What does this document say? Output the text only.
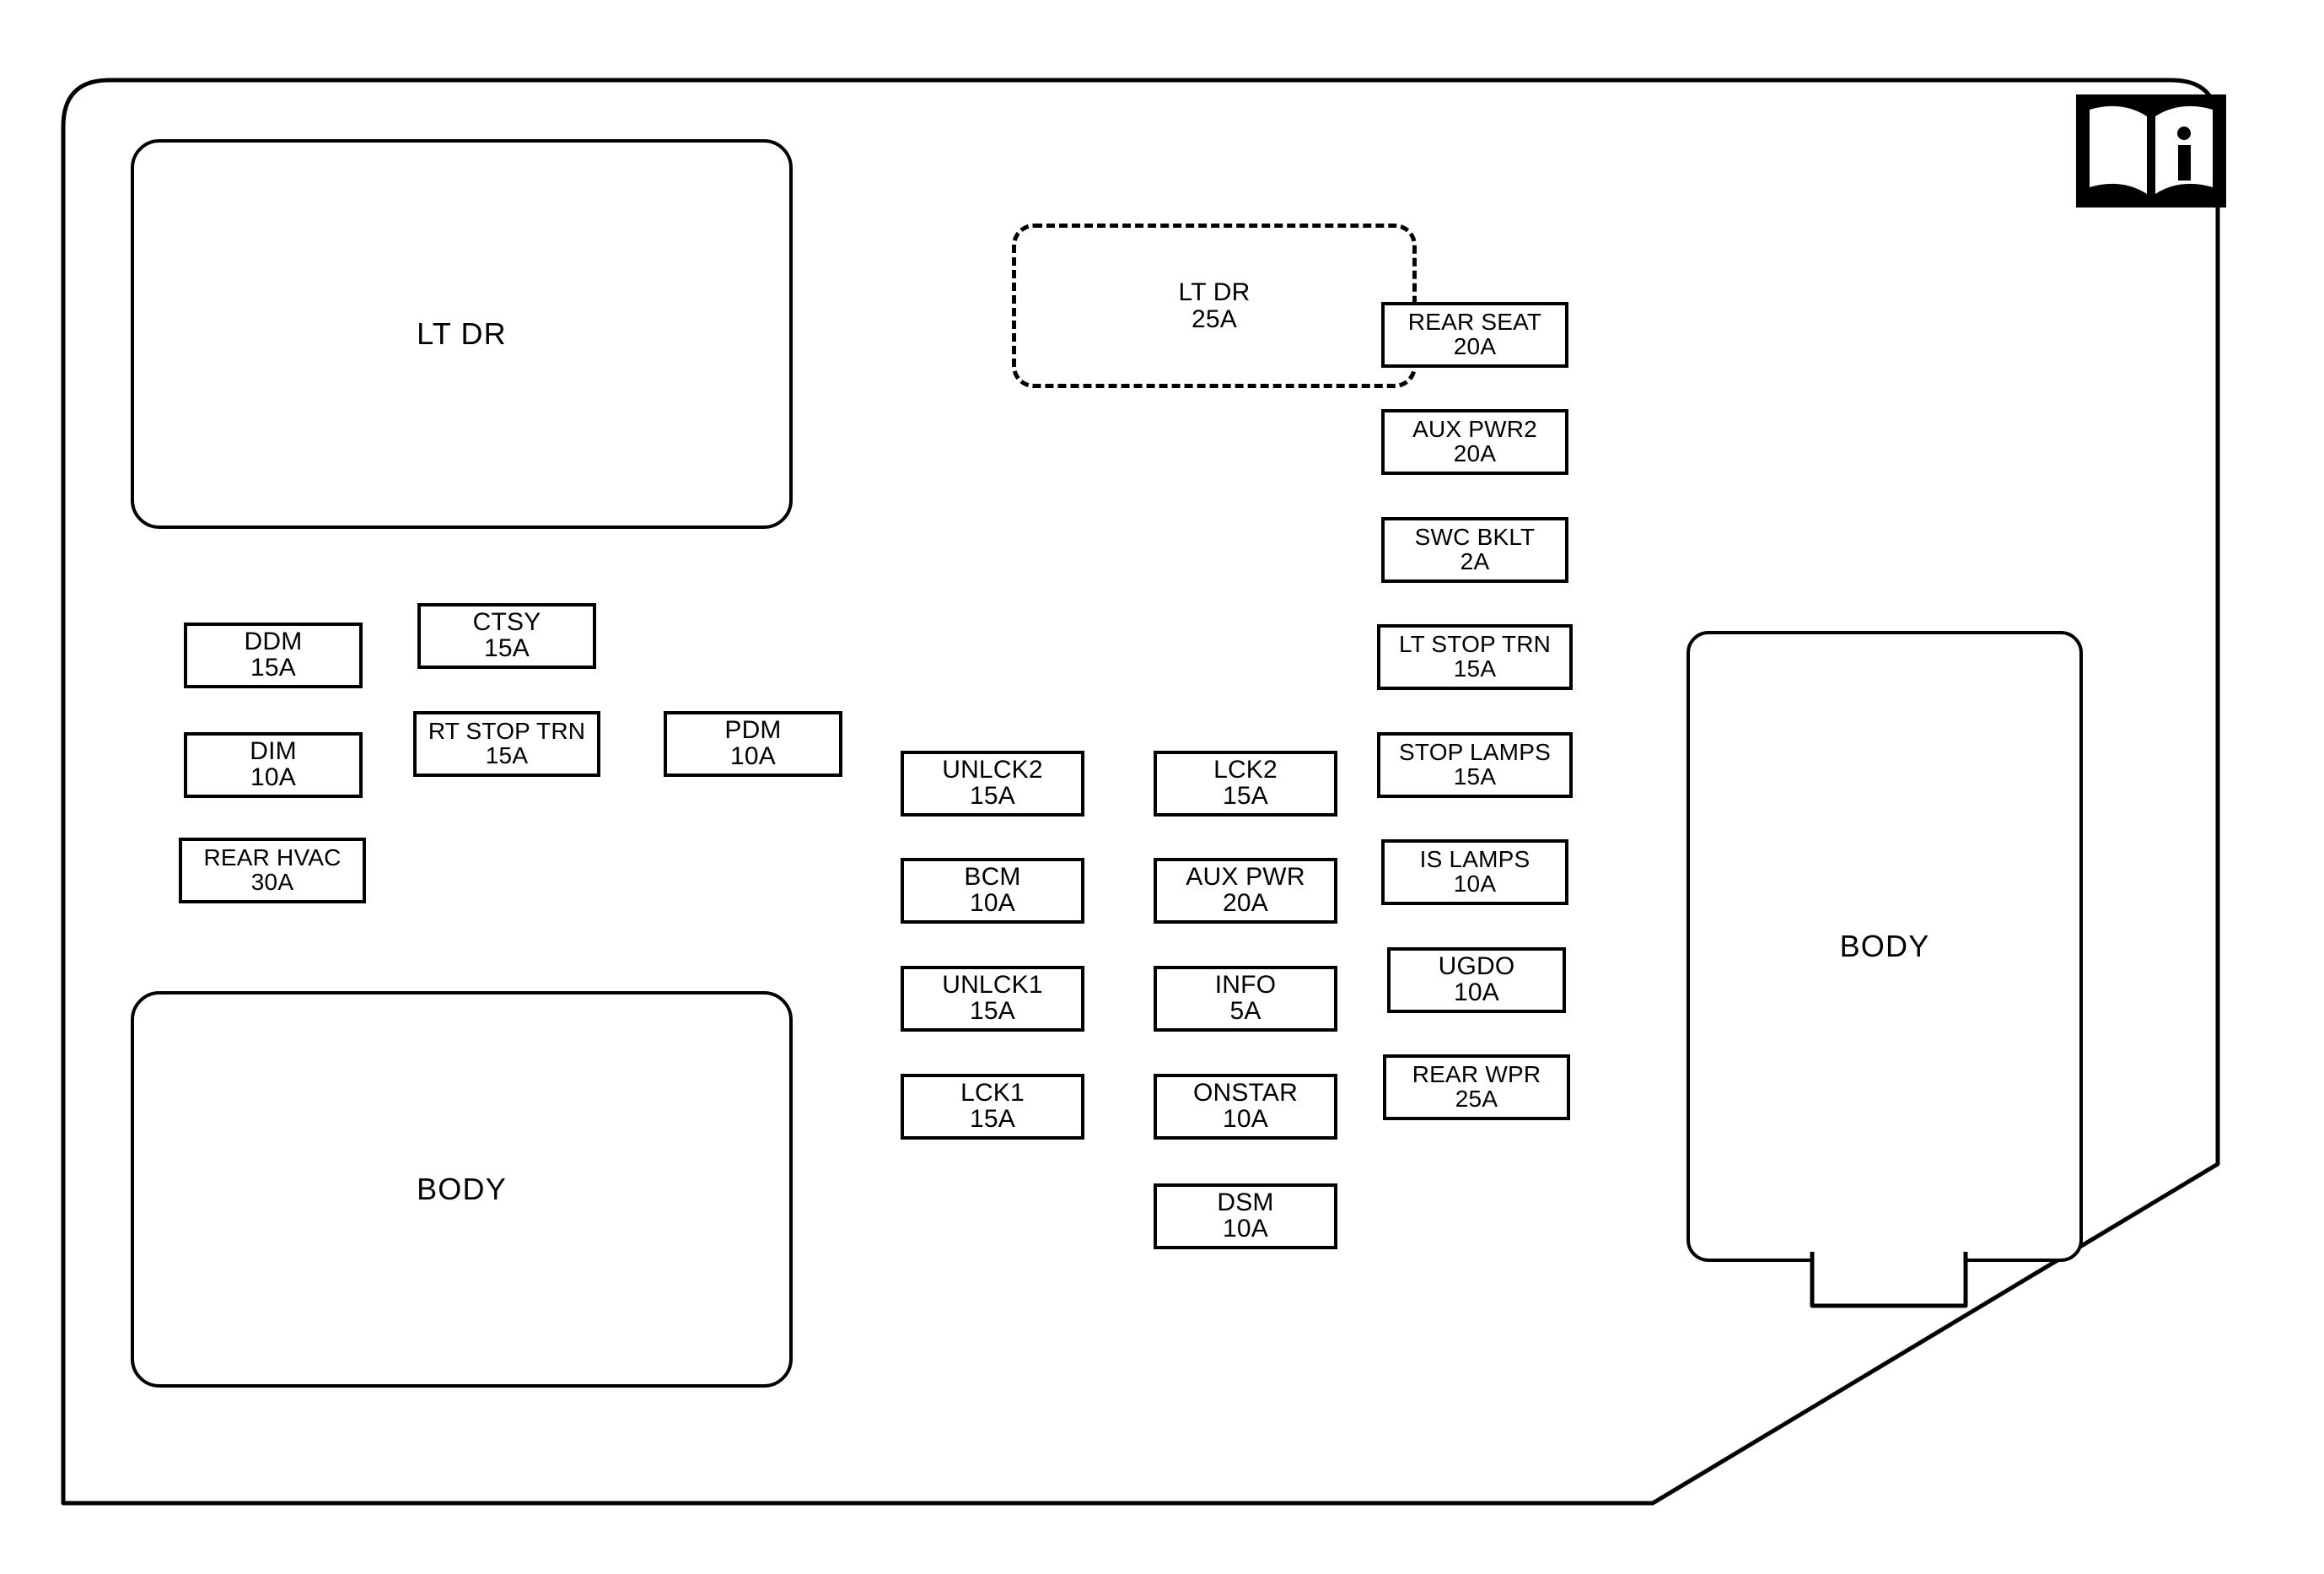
LT DR
BODY
BODY
LT DR
25A
DDM
15A
CTSY
15A
DIM
10A
RT STOP TRN
15A
PDM
10A
REAR HVAC
30A
UNLCK2
15A
BCM
10A
UNLCK1
15A
LCK1
15A
LCK2
15A
AUX PWR
20A
INFO
5A
ONSTAR
10A
DSM
10A
REAR SEAT
20A
AUX PWR2
20A
SWC BKLT
2A
LT STOP TRN
15A
STOP LAMPS
15A
IS LAMPS
10A
UGDO
10A
REAR WPR
25A
